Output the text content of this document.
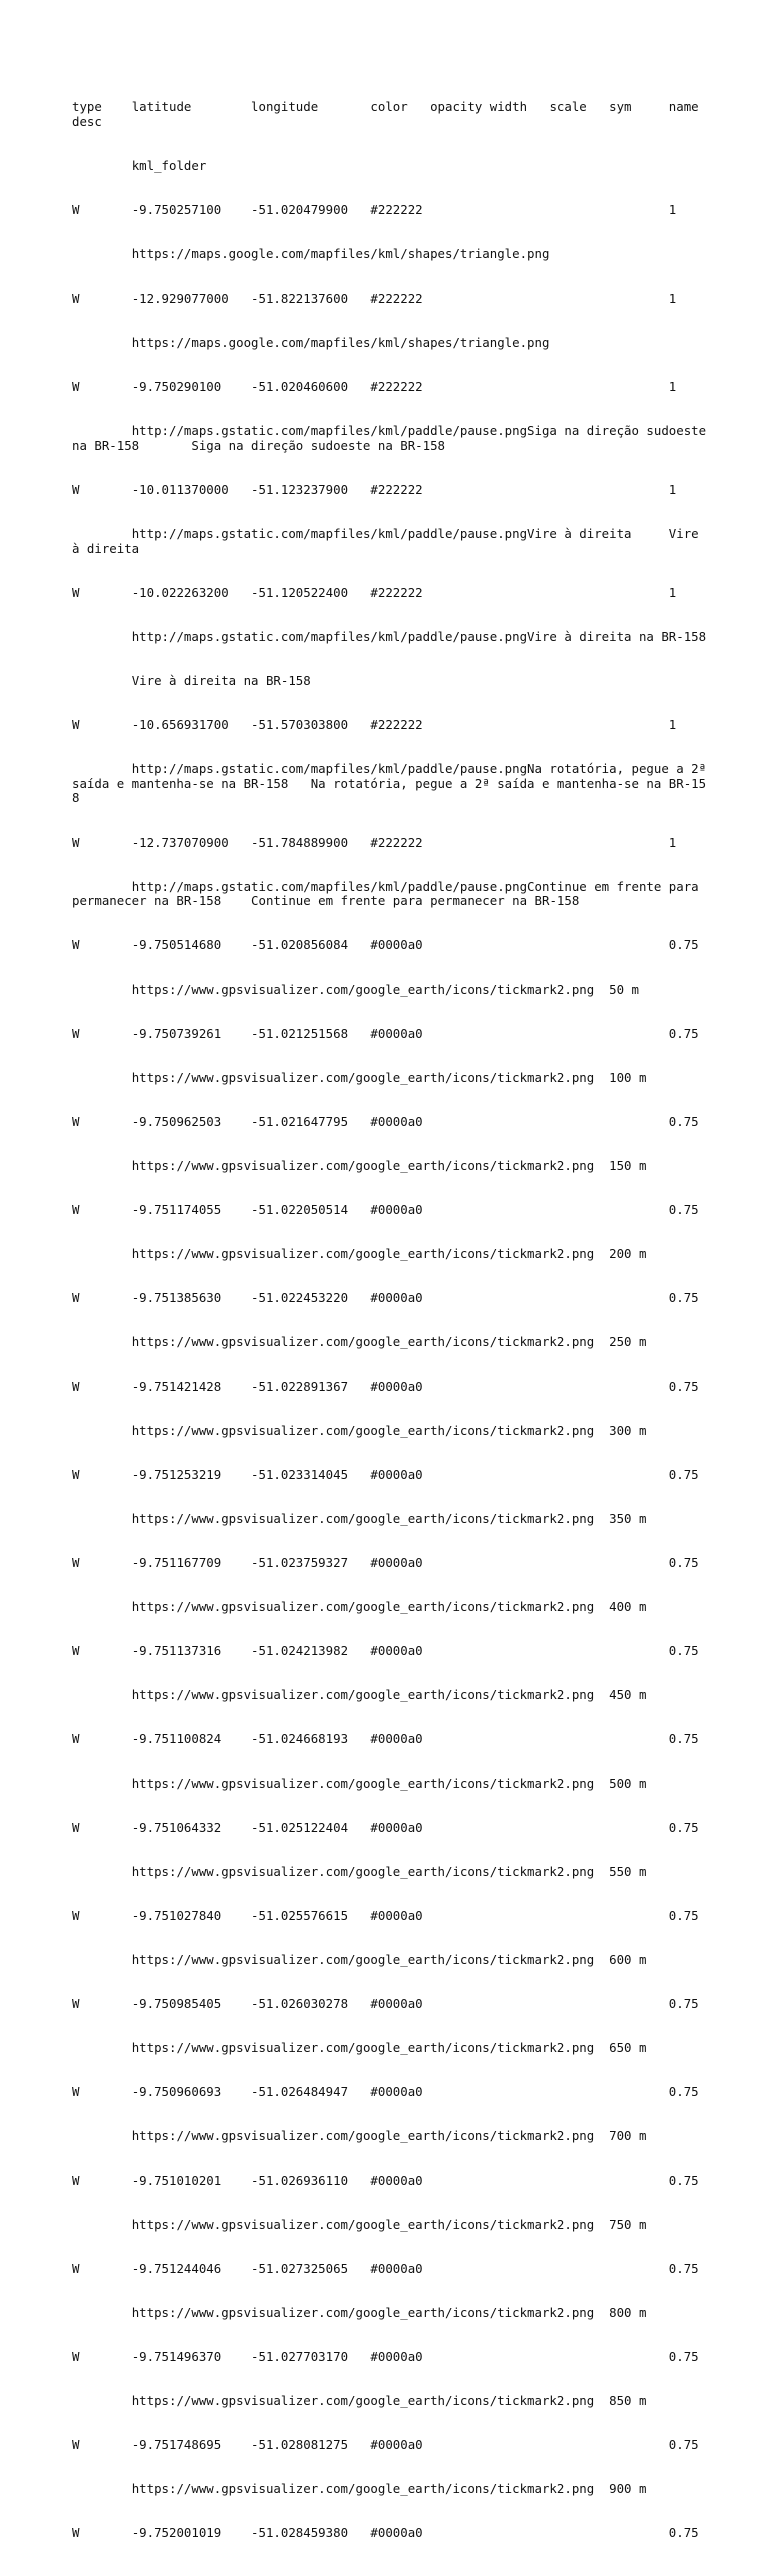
type	latitude	longitude	color	opacity	width	scale	sym	name	desc

	kml_folder

W	-9.750257100	-51.020479900	#222222					1

	https://maps.google.com/mapfiles/kml/shapes/triangle.png

W	-12.929077000	-51.822137600	#222222					1

	https://maps.google.com/mapfiles/kml/shapes/triangle.png

W	-9.750290100	-51.020460600	#222222					1

	http://maps.gstatic.com/mapfiles/kml/paddle/pause.pngSiga na direção sudoeste na BR-158	Siga na direção sudoeste na BR-158

W	-10.011370000	-51.123237900	#222222					1

	http://maps.gstatic.com/mapfiles/kml/paddle/pause.pngVire à direita	Vire à direita

W	-10.022263200	-51.120522400	#222222					1

	http://maps.gstatic.com/mapfiles/kml/paddle/pause.pngVire à direita na BR-158

	Vire à direita na BR-158

W	-10.656931700	-51.570303800	#222222					1

	http://maps.gstatic.com/mapfiles/kml/paddle/pause.pngNa rotatória, pegue a 2ª saída e mantenha-se na BR-158	Na rotatória, pegue a 2ª saída e mantenha-se na BR-158

W	-12.737070900	-51.784889900	#222222					1

	http://maps.gstatic.com/mapfiles/kml/paddle/pause.pngContinue em frente para permanecer na BR-158	Continue em frente para permanecer na BR-158

W	-9.750514680	-51.020856084	#0000a0					0.75

	https://www.gpsvisualizer.com/google_earth/icons/tickmark2.png	50 m

W	-9.750739261	-51.021251568	#0000a0					0.75

	https://www.gpsvisualizer.com/google_earth/icons/tickmark2.png	100 m

W	-9.750962503	-51.021647795	#0000a0					0.75

	https://www.gpsvisualizer.com/google_earth/icons/tickmark2.png	150 m

W	-9.751174055	-51.022050514	#0000a0					0.75

	https://www.gpsvisualizer.com/google_earth/icons/tickmark2.png	200 m

W	-9.751385630	-51.022453220	#0000a0					0.75

	https://www.gpsvisualizer.com/google_earth/icons/tickmark2.png	250 m

W	-9.751421428	-51.022891367	#0000a0					0.75

	https://www.gpsvisualizer.com/google_earth/icons/tickmark2.png	300 m

W	-9.751253219	-51.023314045	#0000a0					0.75

	https://www.gpsvisualizer.com/google_earth/icons/tickmark2.png	350 m

W	-9.751167709	-51.023759327	#0000a0					0.75

	https://www.gpsvisualizer.com/google_earth/icons/tickmark2.png	400 m

W	-9.751137316	-51.024213982	#0000a0					0.75

	https://www.gpsvisualizer.com/google_earth/icons/tickmark2.png	450 m

W	-9.751100824	-51.024668193	#0000a0					0.75

	https://www.gpsvisualizer.com/google_earth/icons/tickmark2.png	500 m

W	-9.751064332	-51.025122404	#0000a0					0.75

	https://www.gpsvisualizer.com/google_earth/icons/tickmark2.png	550 m

W	-9.751027840	-51.025576615	#0000a0					0.75

	https://www.gpsvisualizer.com/google_earth/icons/tickmark2.png	600 m

W	-9.750985405	-51.026030278	#0000a0					0.75

	https://www.gpsvisualizer.com/google_earth/icons/tickmark2.png	650 m

W	-9.750960693	-51.026484947	#0000a0					0.75

	https://www.gpsvisualizer.com/google_earth/icons/tickmark2.png	700 m

W	-9.751010201	-51.026936110	#0000a0					0.75

	https://www.gpsvisualizer.com/google_earth/icons/tickmark2.png	750 m

W	-9.751244046	-51.027325065	#0000a0					0.75

	https://www.gpsvisualizer.com/google_earth/icons/tickmark2.png	800 m

W	-9.751496370	-51.027703170	#0000a0					0.75

	https://www.gpsvisualizer.com/google_earth/icons/tickmark2.png	850 m

W	-9.751748695	-51.028081275	#0000a0					0.75

	https://www.gpsvisualizer.com/google_earth/icons/tickmark2.png	900 m

W	-9.752001019	-51.028459380	#0000a0					0.75
